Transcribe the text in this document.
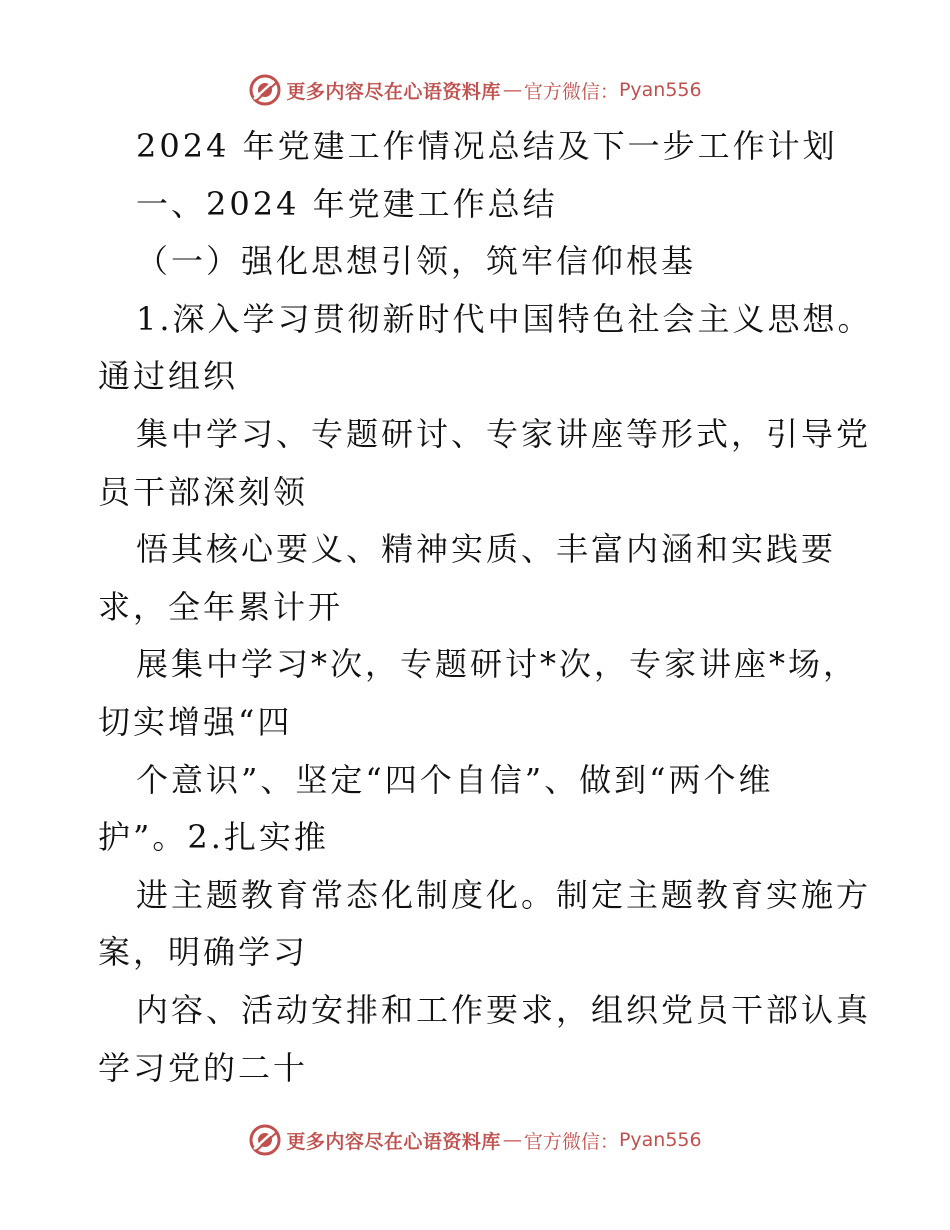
更多内容尽在心语资料库 — 官方微信： Pyan556
2024 年党建工作情况总结及下一步工作计划
一、2024 年党建工作总结
（一）强化思想引领，筑牢信仰根基
1.深入学习贯彻新时代中国特色社会主义思想。
通过组织
集中学习、专题研讨、专家讲座等形式，引导党
员干部深刻领
悟其核心要义、精神实质、丰富内涵和实践要
求，全年累计开
展集中学习*次，专题研讨*次，专家讲座*场，
切实增强“四
个意识”、坚定“四个自信”、做到“两个维
护”。2.扎实推
进主题教育常态化制度化。制定主题教育实施方
案，明确学习
内容、活动安排和工作要求，组织党员干部认真
学习党的二十
更多内容尽在心语资料库 — 官方微信： Pyan556
